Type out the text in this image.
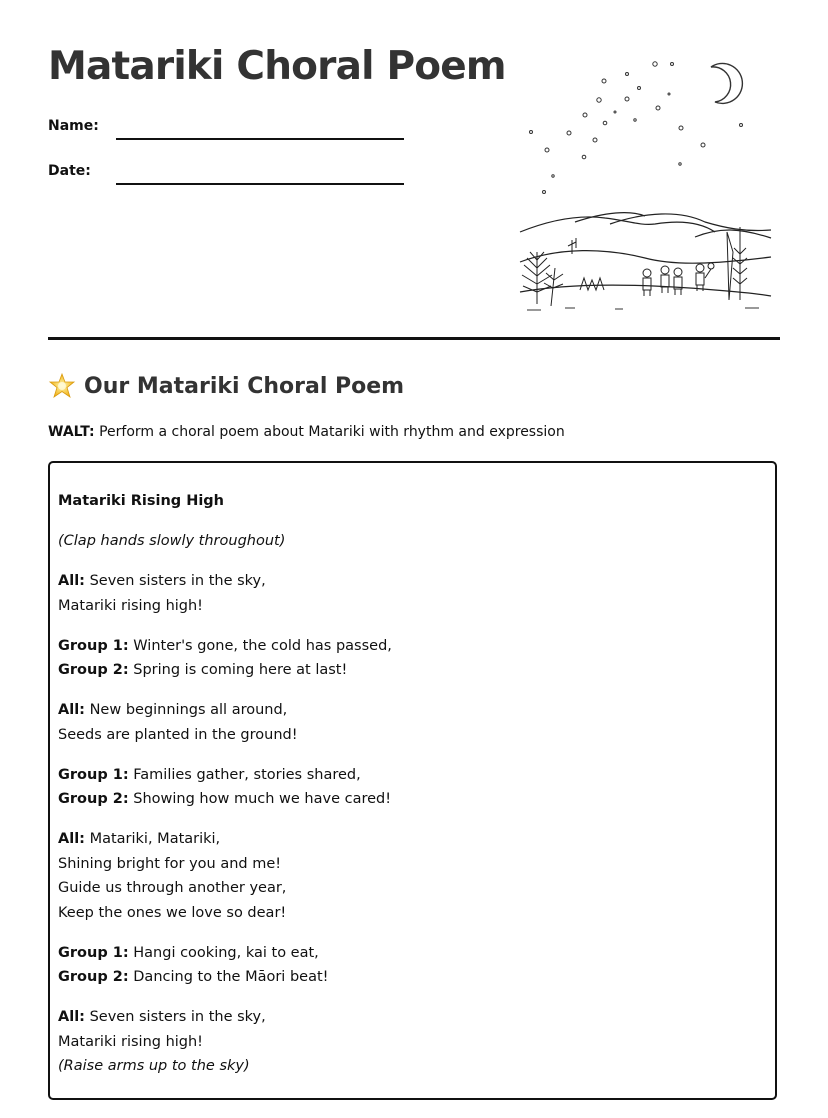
Matariki Choral Poem
Name:
Date:
Our Matariki Choral Poem
WALT: Perform a choral poem about Matariki with rhythm and expression
Matariki Rising High
(Clap hands slowly throughout)
All: Seven sisters in the sky,
Matariki rising high!
Group 1: Winter's gone, the cold has passed,
Group 2: Spring is coming here at last!
All: New beginnings all around,
Seeds are planted in the ground!
Group 1: Families gather, stories shared,
Group 2: Showing how much we have cared!
All: Matariki, Matariki,
Shining bright for you and me!
Guide us through another year,
Keep the ones we love so dear!
Group 1: Hangi cooking, kai to eat,
Group 2: Dancing to the Māori beat!
All: Seven sisters in the sky,
Matariki rising high!
(Raise arms up to the sky)
